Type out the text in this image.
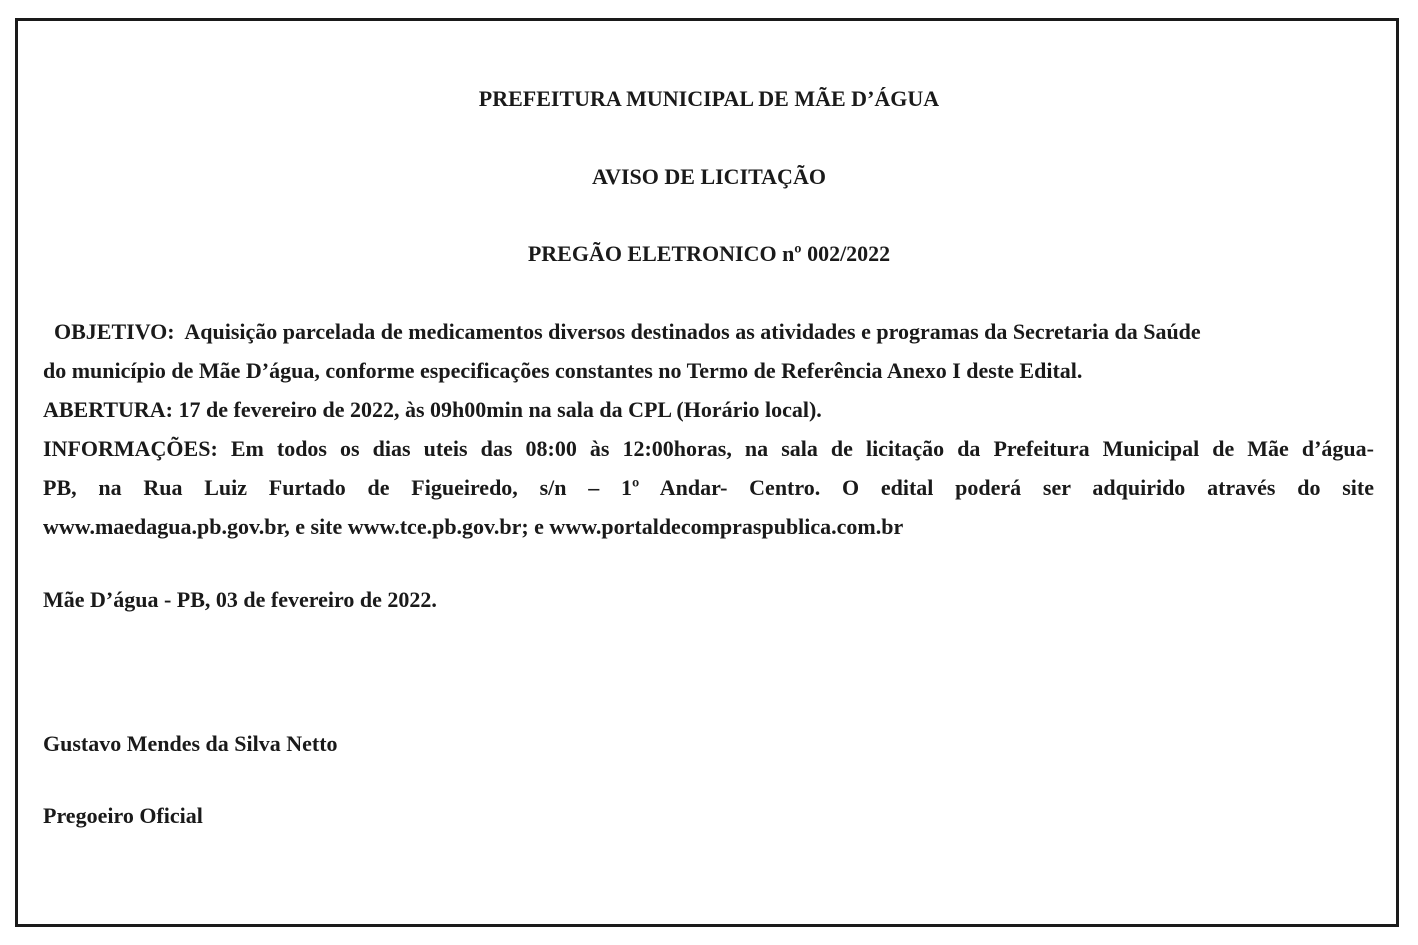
PREFEITURA MUNICIPAL DE MÃE D’ÁGUA
AVISO DE LICITAÇÃO
PREGÃO ELETRONICO nº 002/2022
OBJETIVO:  Aquisição parcelada de medicamentos diversos destinados as atividades e programas da Secretaria da Saúde
do município de Mãe D’água, conforme especificações constantes no Termo de Referência Anexo I deste Edital.
ABERTURA: 17 de fevereiro de 2022, às 09h00min na sala da CPL (Horário local).
INFORMAÇÕES: Em todos os dias uteis das 08:00 às 12:00horas, na sala de licitação da Prefeitura Municipal de Mãe d’água-
PB, na Rua Luiz Furtado de Figueiredo, s/n – 1º Andar- Centro. O edital poderá ser adquirido através do site
www.maedagua.pb.gov.br, e site www.tce.pb.gov.br; e www.portaldecompraspublica.com.br
Mãe D’água - PB, 03 de fevereiro de 2022.
Gustavo Mendes da Silva Netto
Pregoeiro Oficial
